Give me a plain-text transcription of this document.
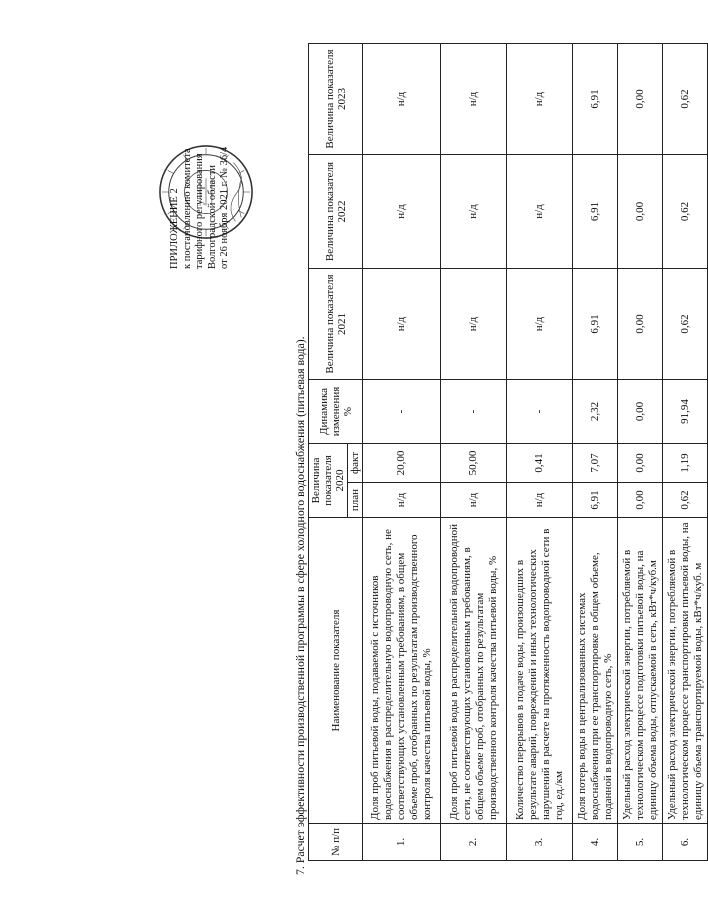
ПРИЛОЖЕНИЕ 2 к постановлению комитета тарифного регулирования Волгоградской области от 26 ноября 2021 г. № 36/4
7. Расчет эффективности производственной программы в сфере холодного водоснабжения (питьевая вода). № п/п	Наименование показателя	Величина показателя 2020		Динамика изменения %	Величина показателя 2021	Величина показателя 2022	Величина показателя 2023
		план	факт				
1.	Доля проб питьевой воды, подаваемой с источников водоснабжения в распределительную водопроводную сеть, не соответствующих установленным требованиям, в общем объеме проб, отобранных по результатам производственного контроля качества питьевой воды, %	н/д	20,00	-	н/д	н/д	н/д
2.	Доля проб питьевой воды в распределительной водопроводной сети, не соответствующих установленным требованиям, в общем объеме проб, отобранных по результатам производственного контроля качества питьевой воды, %	н/д	50,00	-	н/д	н/д	н/д
3.	Количество перерывов в подаче воды, произошедших в результате аварий, повреждений и иных технологических нарушений в расчете на протяженность водопроводной сети в год, ед./км	н/д	0,41	-	н/д	н/д	н/д
4.	Доля потерь воды в централизованных системах водоснабжения при ее транспортировке в общем объеме, поданной в водопроводную сеть, %	6,91	7,07	2,32	6,91	6,91	6,91
5.	Удельный расход электрической энергии, потребляемой в технологическом процессе подготовки питьевой воды, на единицу объема воды, отпускаемой в сеть, кВт*ч/куб.м	0,00	0,00	0,00	0,00	0,00	0,00
6.	Удельный расход электрической энергии, потребляемой в технологическом процессе транспортировки питьевой воды, на единицу объема транспортируемой воды, кВт*ч/куб. м	0,62	1,19	91,94	0,62	0,62	0,62
